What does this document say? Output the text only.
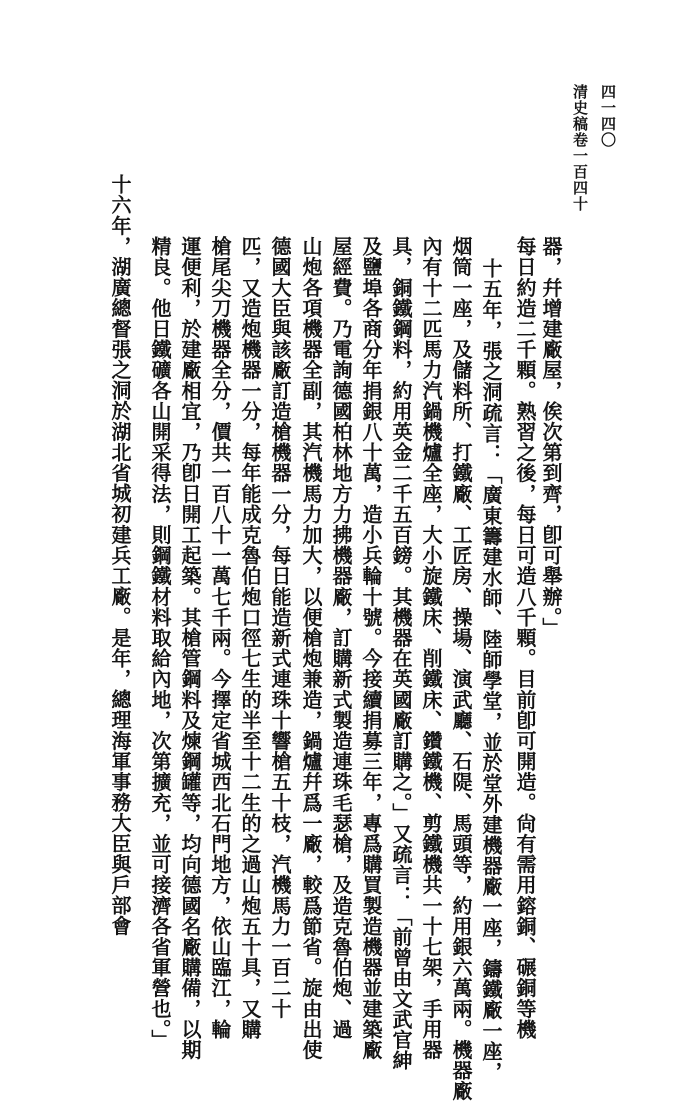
清史稿卷一百四十 四一四〇
器，幷增建廠屋，俟次第到齊，卽可舉辦。」
每日約造二千顆。熟習之後，每日可造八千顆。目前卽可開造。尙有需用鎔銅、碾銅等機
十五年，張之洞疏言：「廣東籌建水師、陸師學堂，並於堂外建機器廠一座，鑄鐵廠一座，
烟筒一座，及儲料所、打鐵廠、工匠房、操場、演武廳、石隄、馬頭等，約用銀六萬兩。機器廠
內有十二匹馬力汽鍋機爐全座，大小旋鐵床、削鐵床、鑽鐵機、剪鐵機共一十七架，手用器
具，銅鐵鋼料，約用英金二千五百鎊。其機器在英國廠訂購之。」又疏言：「前曾由文武官紳
及鹽埠各商分年捐銀八十萬，造小兵輪十號。今接續捐募三年，專爲購買製造機器並建築廠
屋經費。乃電詢德國柏林地方力拂機器廠，訂購新式製造連珠毛瑟槍，及造克魯伯炮、過
山炮各項機器全副，其汽機馬力加大，以便槍炮兼造，鍋爐幷爲一廠，較爲節省。旋由出使
德國大臣與該廠訂造槍機器一分，每日能造新式連珠十響槍五十枝，汽機馬力一百二十
匹，又造炮機器一分，每年能成克魯伯炮口徑七生的半至十二生的之過山炮五十具，又購
槍尾尖刀機器全分，價共一百八十一萬七千兩。今擇定省城西北石門地方，依山臨江，輪
運便利，於建廠相宜，乃卽日開工起築。其槍管鋼料及煉鋼罐等，均向德國名廠購備，以期
精良。他日鐵礦各山開采得法，則鋼鐵材料取給內地，次第擴充，並可接濟各省軍營也。」
十六年，湖廣總督張之洞於湖北省城初建兵工廠。是年，總理海軍事務大臣與戶部會
